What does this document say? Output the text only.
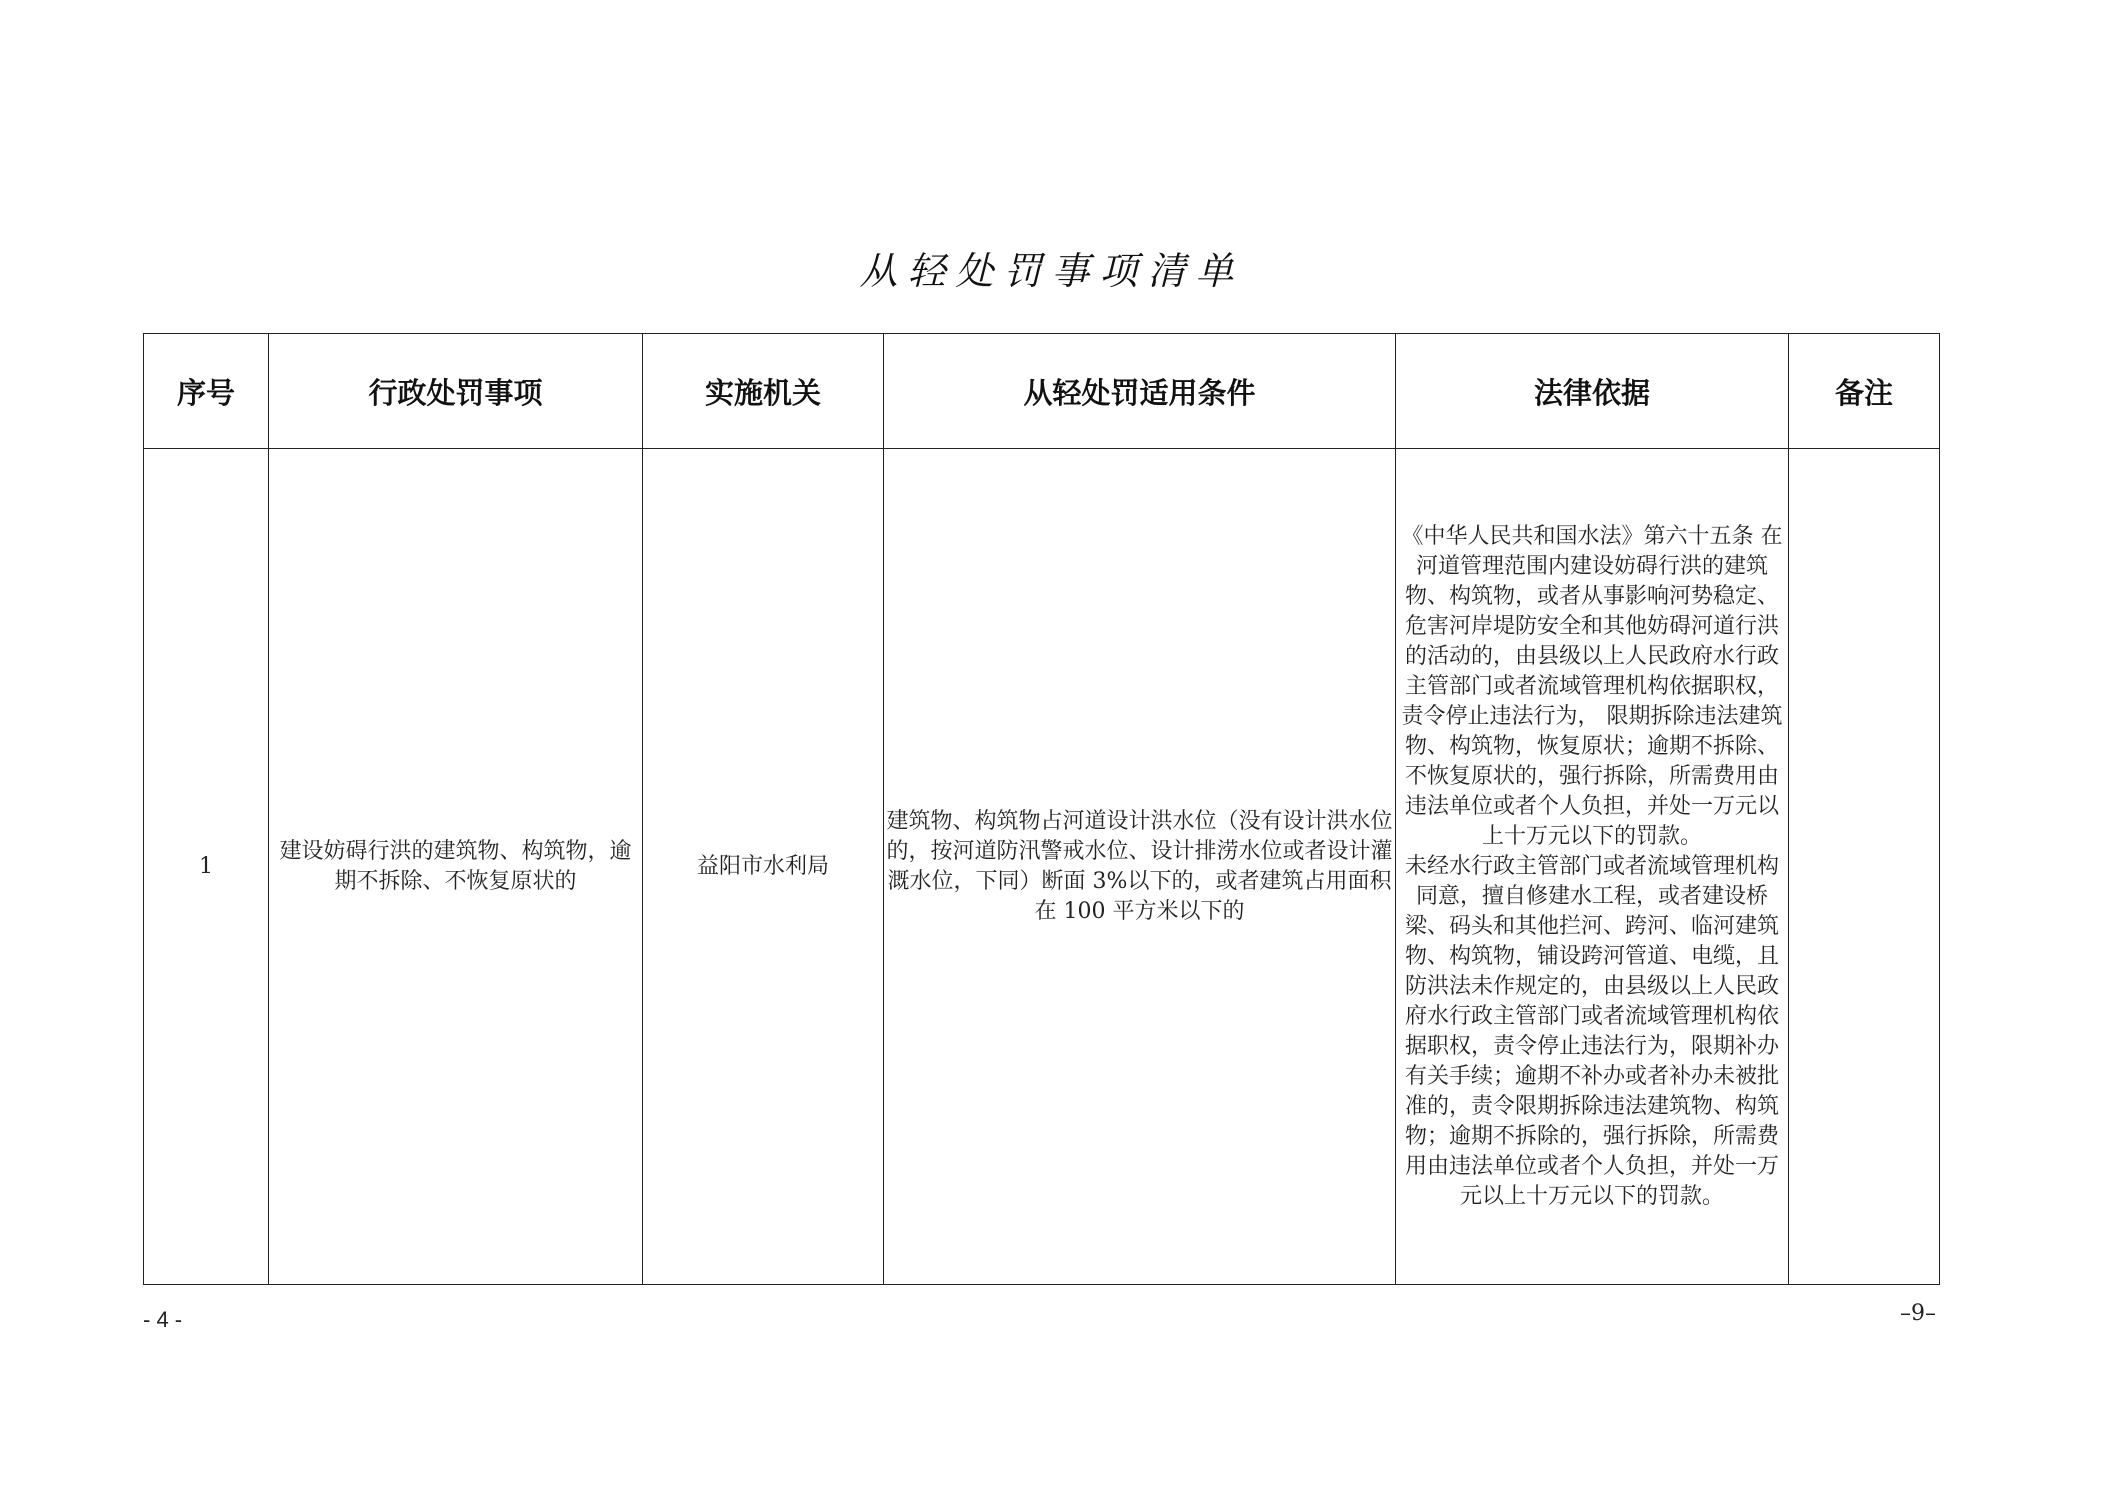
从轻处罚事项清单
序号	行政处罚事项	实施机关	从轻处罚适用条件	法律依据	备注
1	建设妨碍行洪的建筑物、构筑物，逾期不拆除、不恢复原状的	益阳市水利局	建筑物、构筑物占河道设计洪水位（没有设计洪水位的，按河道防汛警戒水位、设计排涝水位或者设计灌溉水位，下同）断面 3%以下的，或者建筑占用面积在 100 平方米以下的	《中华人民共和国水法》第六十五条 在河道管理范围内建设妨碍行洪的建筑物、构筑物，或者从事影响河势稳定、危害河岸堤防安全和其他妨碍河道行洪的活动的，由县级以上人民政府水行政主管部门或者流域管理机构依据职权，责令停止违法行为， 限期拆除违法建筑物、构筑物，恢复原状；逾期不拆除、不恢复原状的，强行拆除，所需费用由违法单位或者个人负担，并处一万元以上十万元以下的罚款。
未经水行政主管部门或者流域管理机构同意，擅自修建水工程，或者建设桥梁、码头和其他拦河、跨河、临河建筑物、构筑物，铺设跨河管道、电缆，且防洪法未作规定的，由县级以上人民政府水行政主管部门或者流域管理机构依据职权，责令停止违法行为，限期补办有关手续；逾期不补办或者补办未被批准的，责令限期拆除违法建筑物、构筑物；逾期不拆除的，强行拆除，所需费用由违法单位或者个人负担，并处一万元以上十万元以下的罚款。	

- 4 -	–9–
